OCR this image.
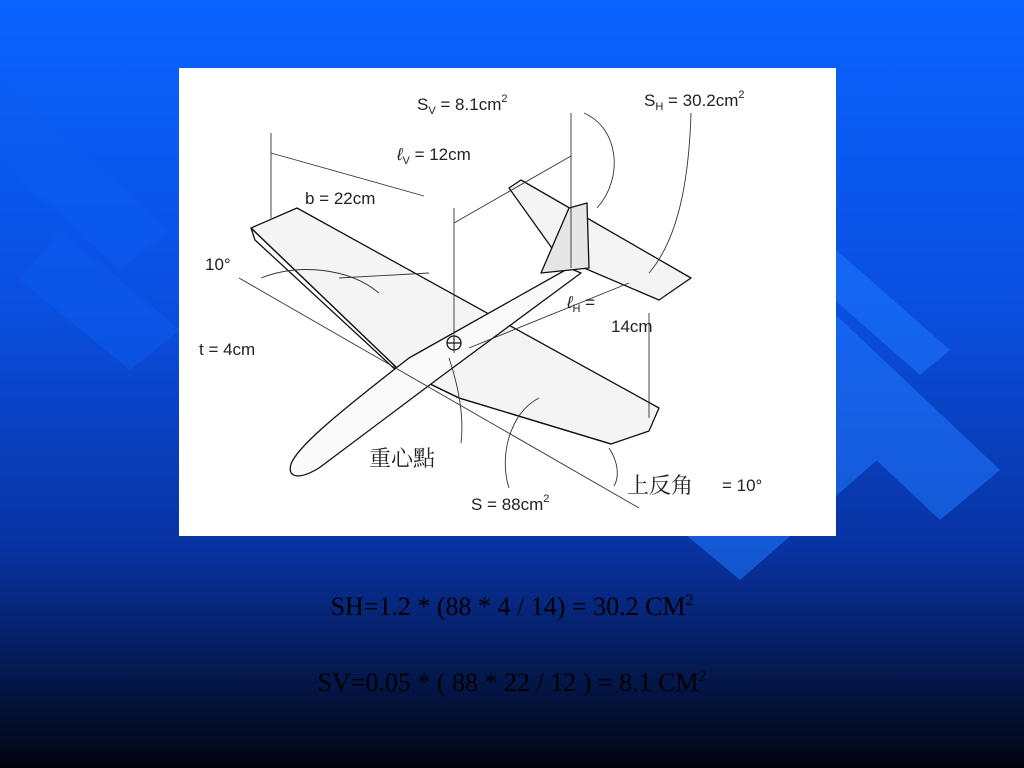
$S_V = 8.1cm^2$	$S_H = 30.2cm^2$
ℓ$_V$ = 12cm
b = 22cm
10°
t = 4cm
ℓ$_H$ =
14cm
重心點
$S = 88cm^2$	上反角 = 10°
SH=1.2 * (88 * 4 / 14) = 30.2 $CM^2$
SV=0.05 * ( 88 * 22 / 12 ) = 8.1 $CM^2$
